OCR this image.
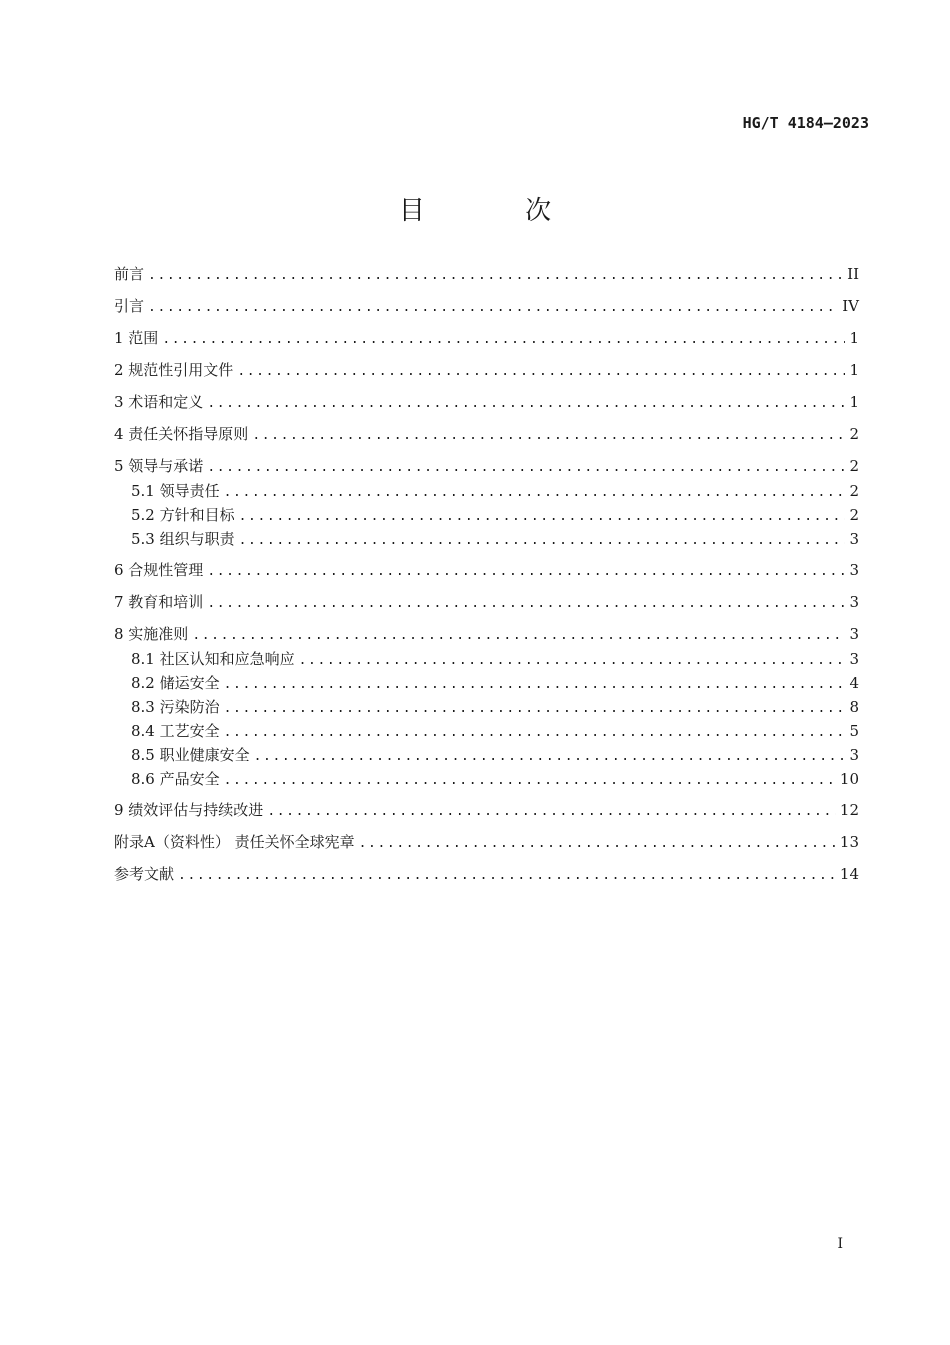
HG/T 4184—2023
目 次
前言 .....	II
引言 .....	IV
1 范围 .....	1
2 规范性引用文件 .....	1
3 术语和定义 .....	1
4 责任关怀指导原则 .....	2
5 领导与承诺 .....	2
5.1 领导责任 .....	2
5.2 方针和目标 .....	2
5.3 组织与职责 .....	3
6 合规性管理 .....	3
7 教育和培训 .....	3
8 实施准则 .....	3
8.1 社区认知和应急响应 .....	3
8.2 储运安全 .....	4
8.3 污染防治 .....	8
8.4 工艺安全 .....	5
8.5 职业健康安全 .....	3
8.6 产品安全 .....	10
9 绩效评估与持续改进 .....	12
附录A（资料性） 责任关怀全球宪章 .....	13
参考文献 .....	14
I
